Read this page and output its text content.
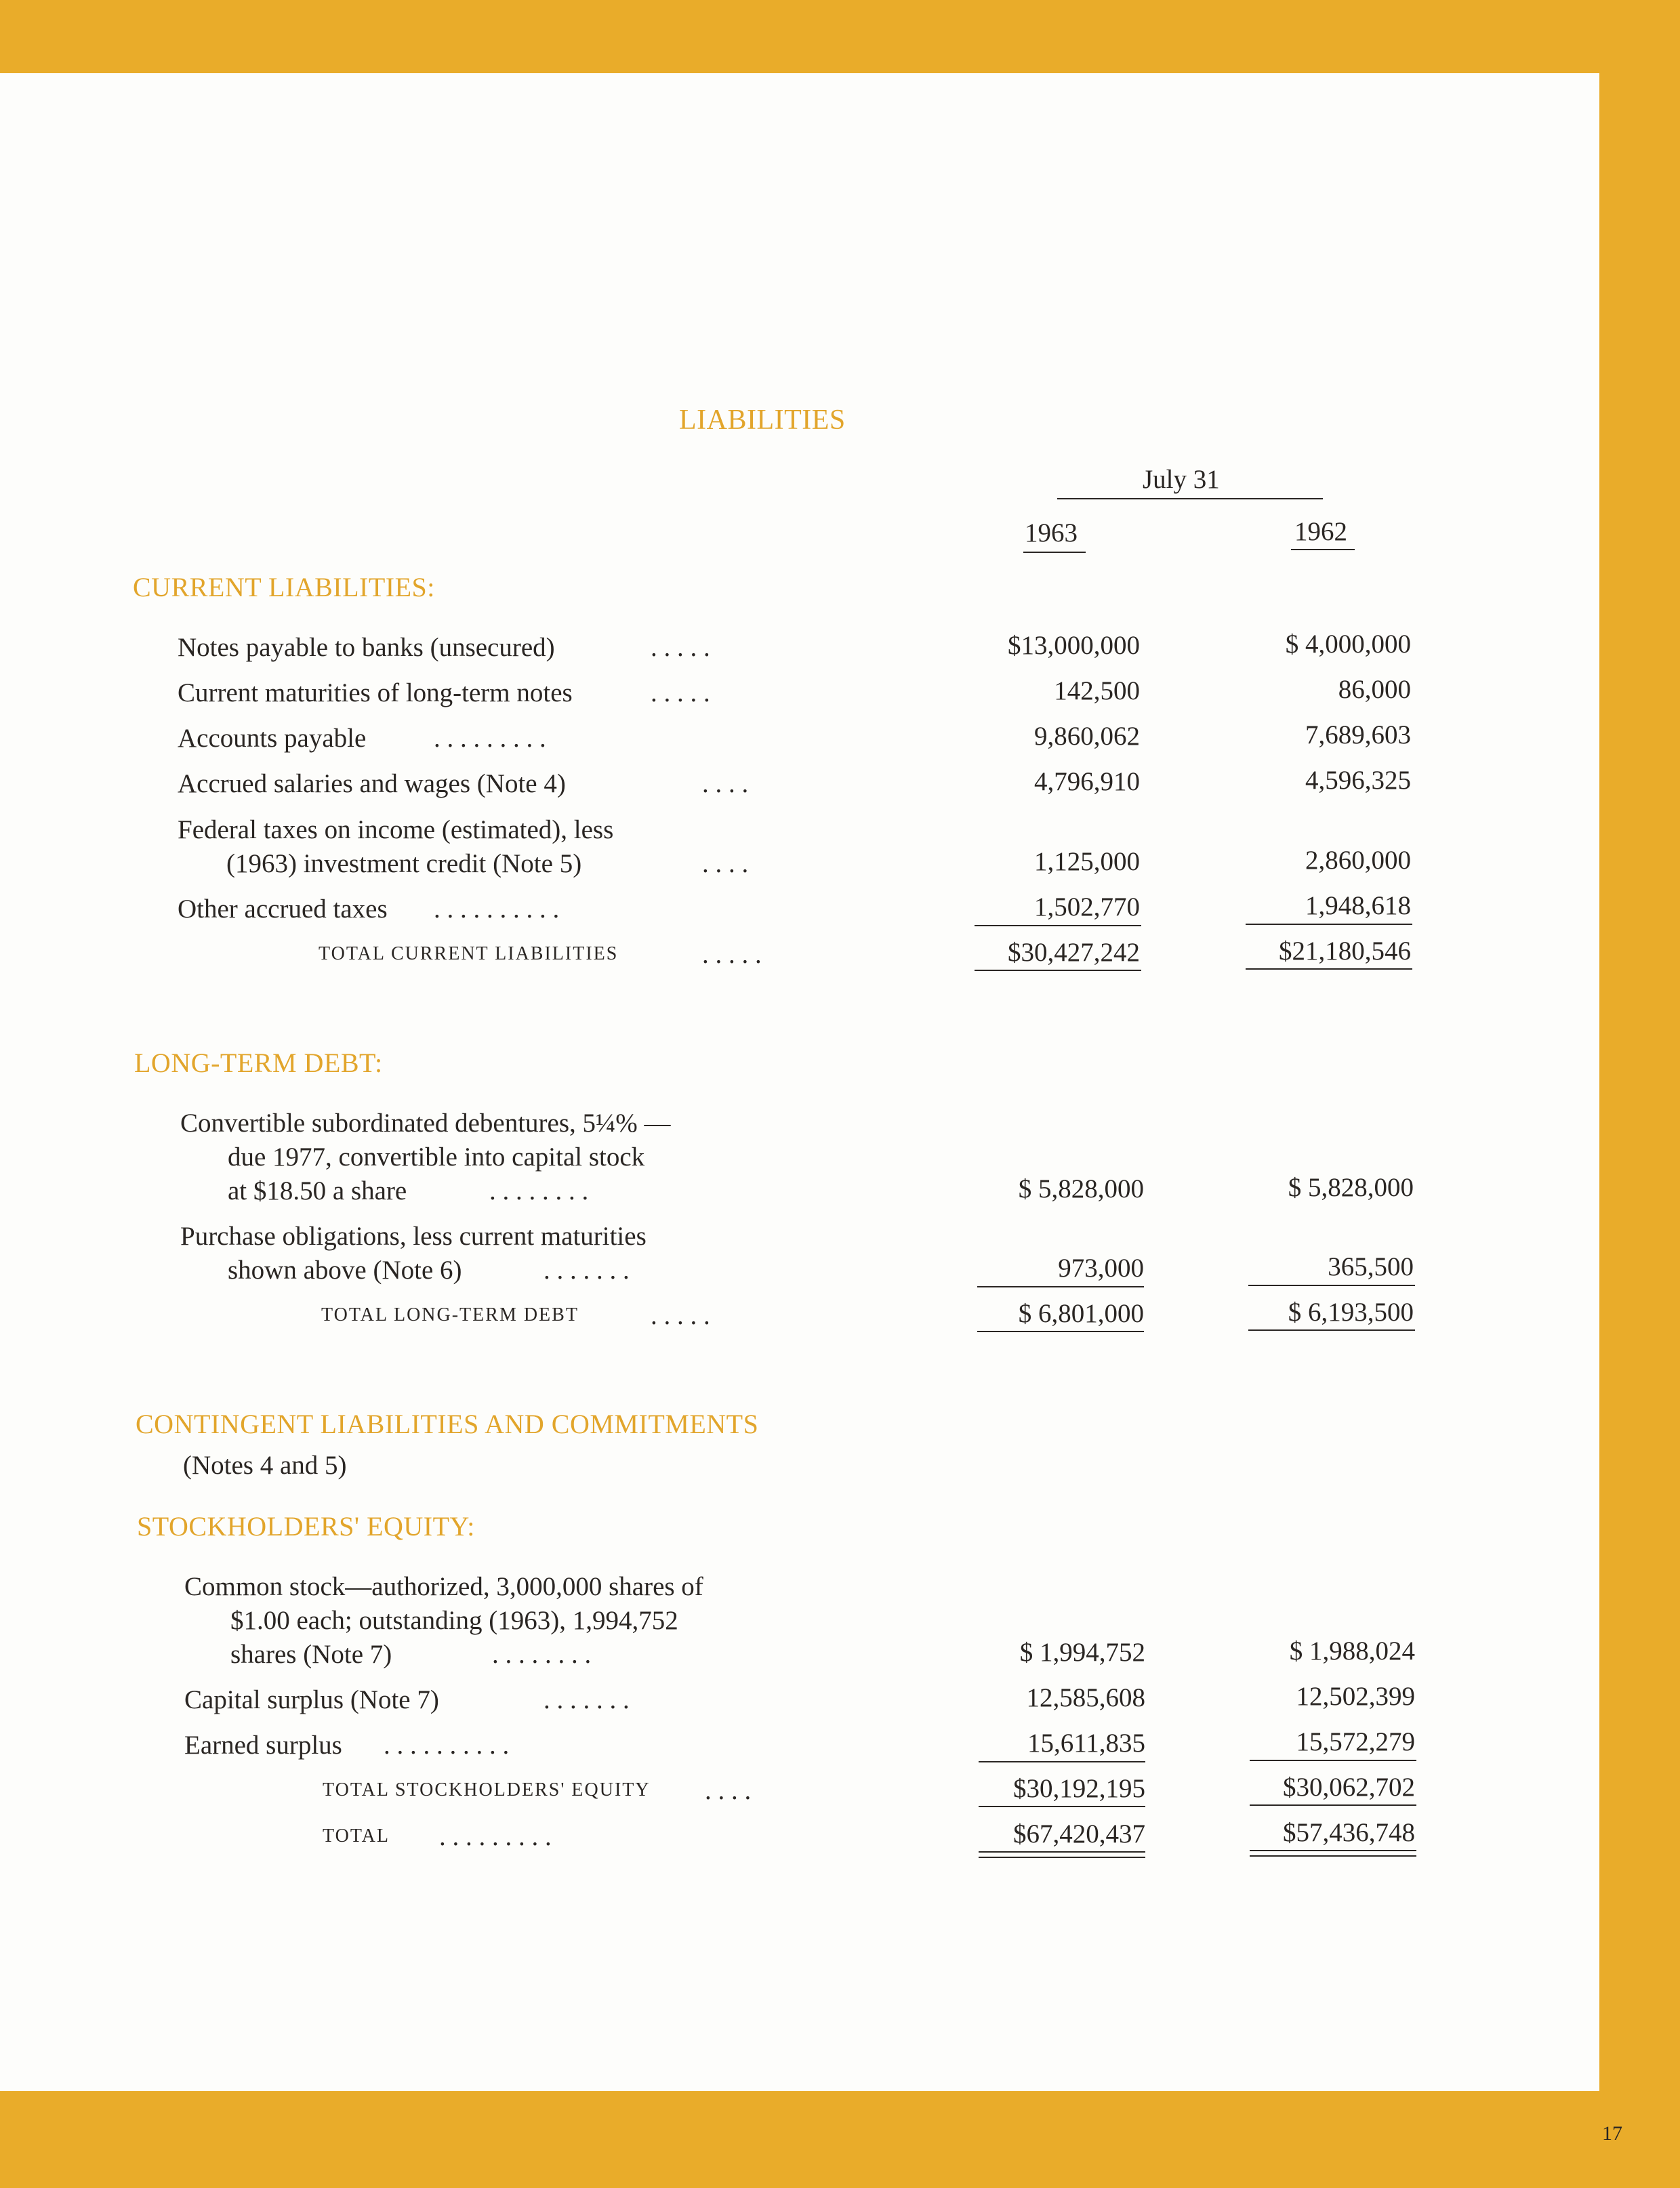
LIABILITIES
July 31
1963	1962
CURRENT LIABILITIES:
Notes payable to banks (unsecured)	. . . . .	$13,000,000	$ 4,000,000
Current maturities of long-term notes	. . . . .	142,500	86,000
Accounts payable	. . . . . . . . .	9,860,062	7,689,603
Accrued salaries and wages (Note 4)	. . . .	4,796,910	4,596,325
Federal taxes on income (estimated), less
(1963) investment credit (Note 5)	. . . .	1,125,000	2,860,000
Other accrued taxes . . . . . . . . . .	1,502,770	1,948,618
TOTAL CURRENT LIABILITIES	. . . . .	$30,427,242	$21,180,546
LONG-TERM DEBT:
Convertible subordinated debentures, 5¼% —
due 1977, convertible into capital stock
at $18.50 a share	. . . . . . . .	$ 5,828,000	$ 5,828,000
Purchase obligations, less current maturities
shown above (Note 6)	. . . . . . .	973,000	365,500
TOTAL LONG-TERM DEBT	. . . . .	$ 6,801,000	$ 6,193,500
CONTINGENT LIABILITIES AND COMMITMENTS
(Notes 4 and 5)
STOCKHOLDERS' EQUITY:
Common stock—authorized, 3,000,000 shares of
$1.00 each; outstanding (1963), 1,994,752
shares (Note 7)	. . . . . . . .	$ 1,994,752	$ 1,988,024
Capital surplus (Note 7)	. . . . . . .	12,585,608	12,502,399
Earned surplus . . . . . . . . . .	15,611,835	15,572,279
TOTAL STOCKHOLDERS' EQUITY . . . .	$30,192,195	$30,062,702
TOTAL . . . . . . . . .	$67,420,437	$57,436,748
17
